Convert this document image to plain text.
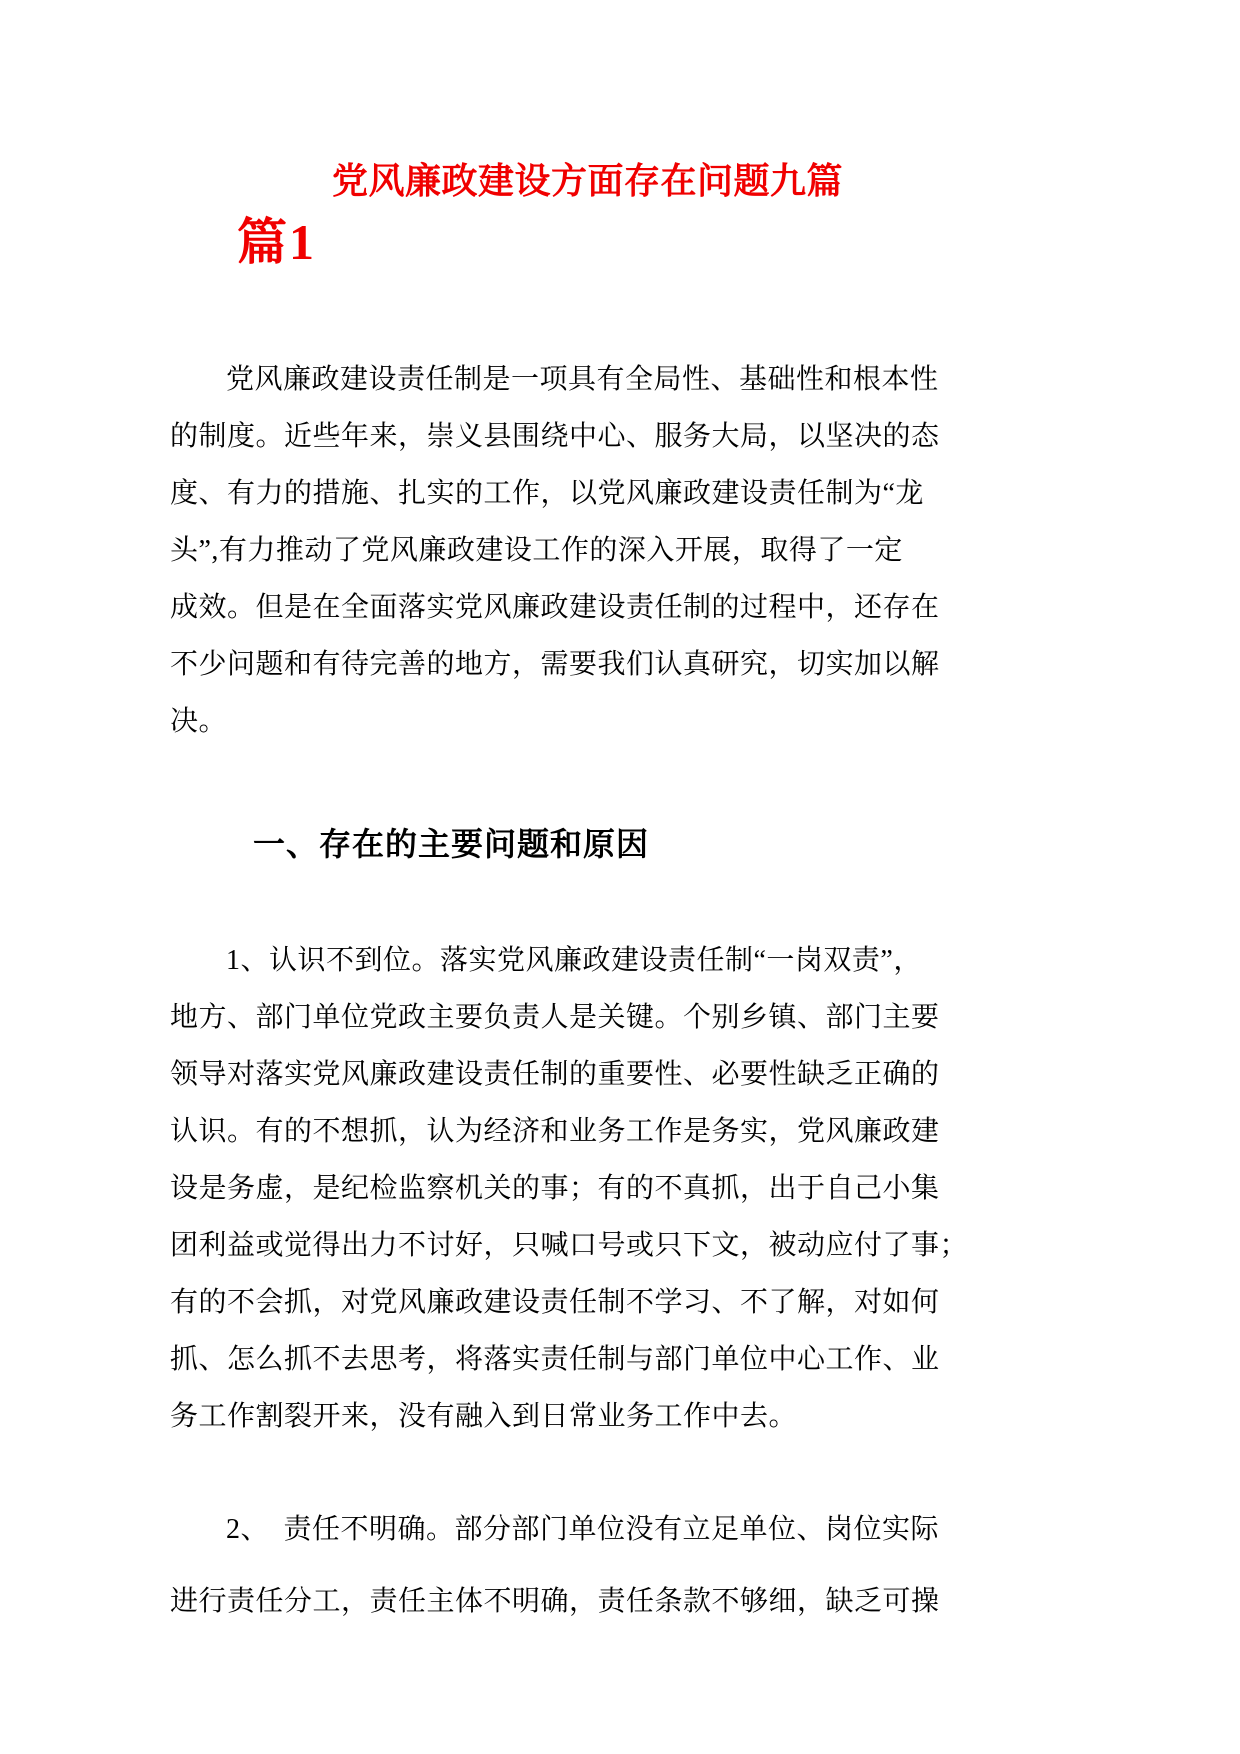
党风廉政建设方面存在问题九篇
篇1
党风廉政建设责任制是一项具有全局性、基础性和根本性
的制度。近些年来，崇义县围绕中心、服务大局，以坚决的态
度、有力的措施、扎实的工作，以党风廉政建设责任制为“龙
头”,有力推动了党风廉政建设工作的深入开展，取得了一定
成效。但是在全面落实党风廉政建设责任制的过程中，还存在
不少问题和有待完善的地方，需要我们认真研究，切实加以解
决。
一、存在的主要问题和原因
1、认识不到位。落实党风廉政建设责任制“一岗双责”，
地方、部门单位党政主要负责人是关键。个别乡镇、部门主要
领导对落实党风廉政建设责任制的重要性、必要性缺乏正确的
认识。有的不想抓，认为经济和业务工作是务实，党风廉政建
设是务虚，是纪检监察机关的事；有的不真抓，出于自己小集
团利益或觉得出力不讨好，只喊口号或只下文，被动应付了事；
有的不会抓，对党风廉政建设责任制不学习、不了解，对如何
抓、怎么抓不去思考，将落实责任制与部门单位中心工作、业
务工作割裂开来，没有融入到日常业务工作中去。
2、　责任不明确。部分部门单位没有立足单位、岗位实际
进行责任分工，责任主体不明确，责任条款不够细，缺乏可操
